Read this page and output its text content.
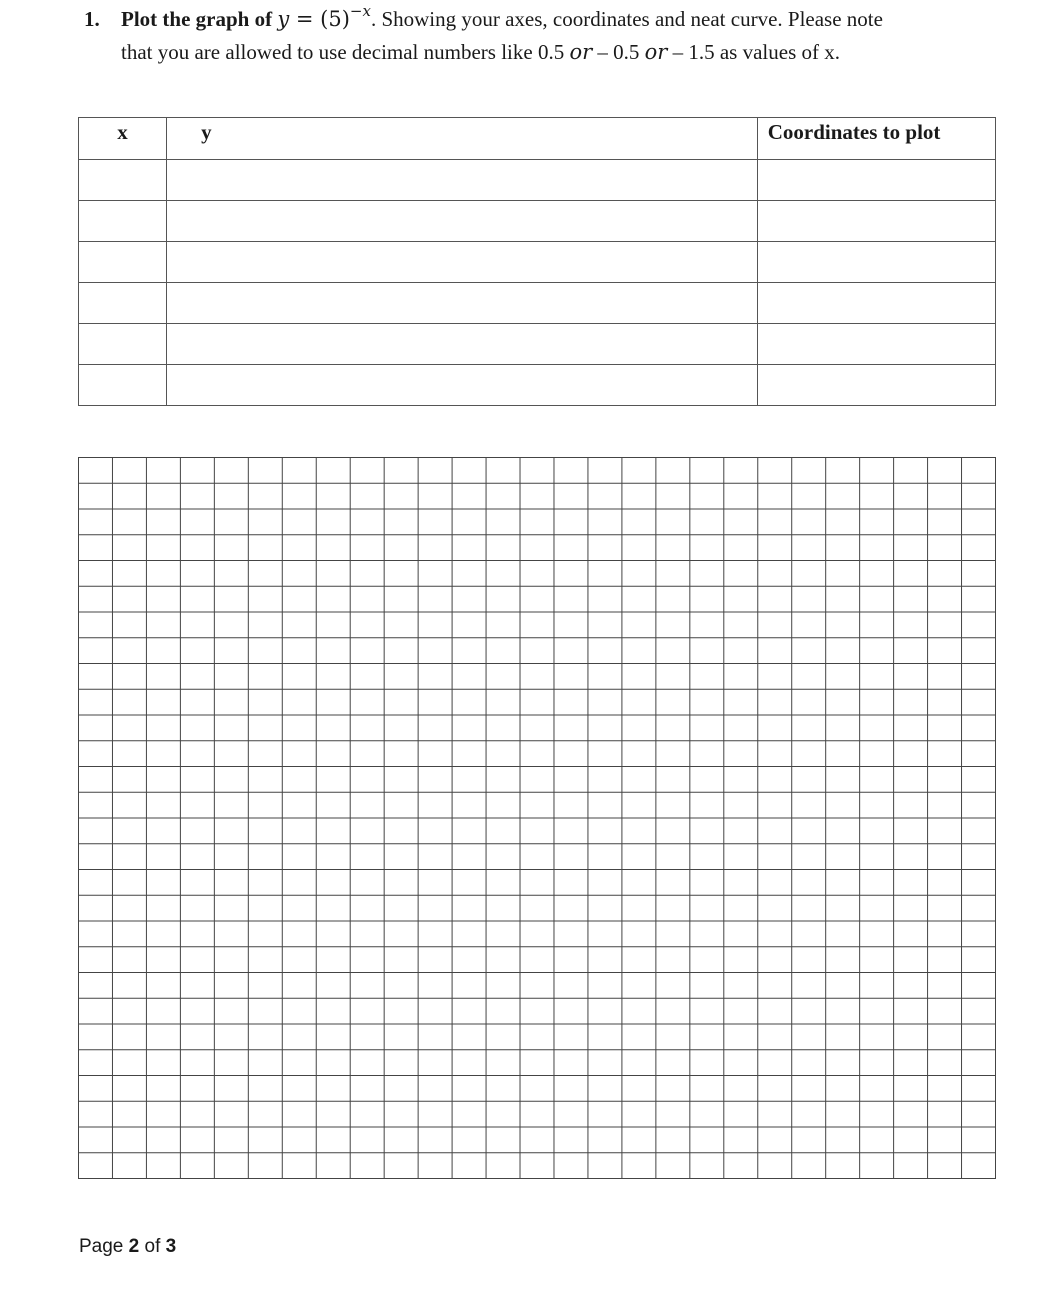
1. Plot the graph of $y = (5)^{-x}$. Showing your axes, coordinates and neat curve. Please note
that you are allowed to use decimal numbers like 0.5 or – 0.5 or – 1.5 as values of x.
x	y	Coordinates to plot

Page 2 of 3
